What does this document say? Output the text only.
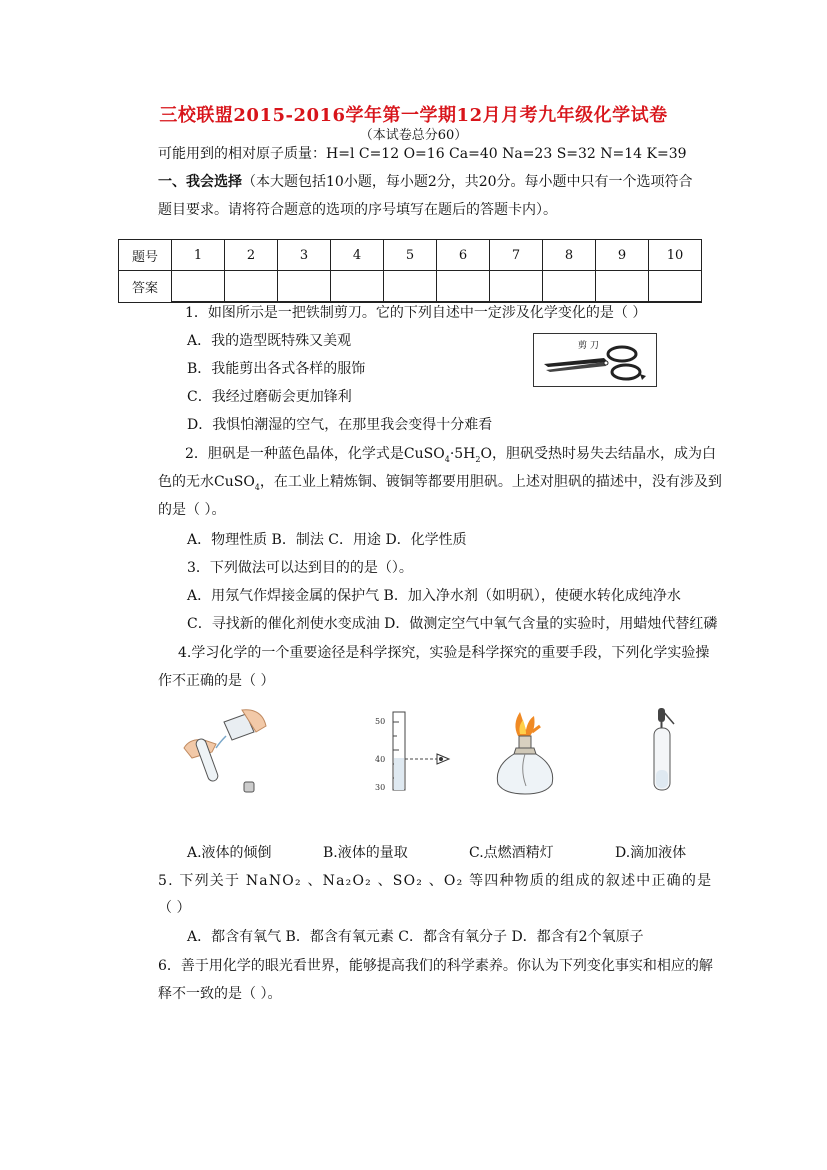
三校联盟2015-2016学年第一学期12月月考九年级化学试卷
（本试卷总分60）
可能用到的相对原子质量：H=l C=12 O=16 Ca=40 Na=23 S=32 N=14 K=39
一、我会选择（本大题包括10小题，每小题2分，共20分。每小题中只有一个选项符合
题目要求。请将符合题意的选项的序号填写在题后的答题卡内）。
题号	1	2	3	4	5	6	7	8	9	10
答案										
1．如图所示是一把铁制剪刀。它的下列自述中一定涉及化学变化的是（ ）
A．我的造型既特殊又美观
B．我能剪出各式各样的服饰
C．我经过磨砺会更加锋利
D．我惧怕潮湿的空气，在那里我会变得十分难看
剪 刀
2．胆矾是一种蓝色晶体，化学式是$CuSO_4\cdot 5H_2O$，胆矾受热时易失去结晶水，成为白
色的无水CuSO$_4$，在工业上精炼铜、镀铜等都要用胆矾。上述对胆矾的描述中，没有涉及到
的是（ ）。
A．物理性质 B．制法 C．用途 D．化学性质
3．下列做法可以达到目的的是（）。
A．用氖气作焊接金属的保护气 B．加入净水剂（如明矾），使硬水转化成纯净水
C．寻找新的催化剂使水变成油 D．做测定空气中氧气含量的实验时，用蜡烛代替红磷
4.学习化学的一个重要途径是科学探究，实验是科学探究的重要手段，下列化学实验操
作不正确的是（ ）
50
40
30
A.液体的倾倒	B.液体的量取	C.点燃酒精灯	D.滴加液体
5. 下列关于 NaNO₂ 、Na₂O₂ 、SO₂ 、O₂ 等四种物质的组成的叙述中正确的是
（ ）
A．都含有氧气 B．都含有氧元素 C．都含有氧分子 D．都含有2个氧原子
6．善于用化学的眼光看世界，能够提高我们的科学素养。你认为下列变化事实和相应的解
释不一致的是（ ）。
